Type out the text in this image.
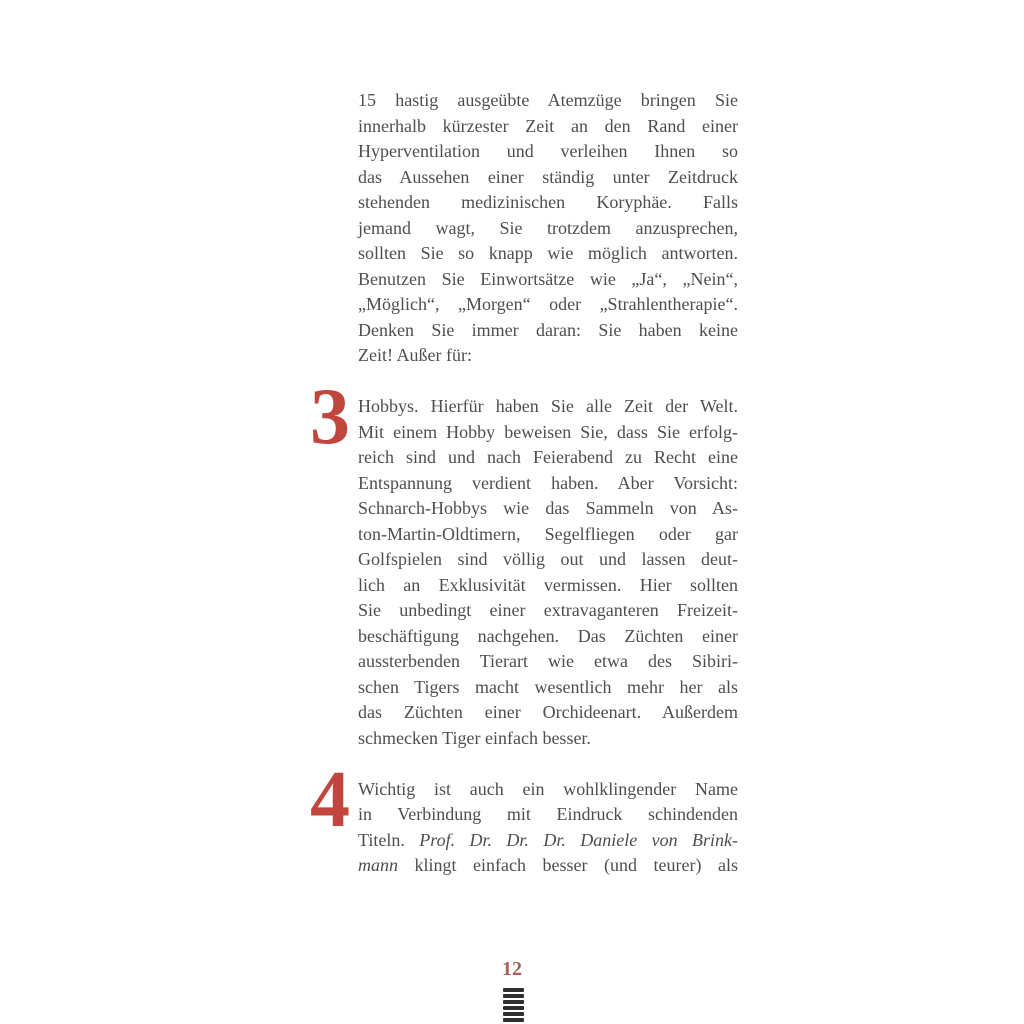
15 hastig ausgeübte Atemzüge bringen Sie
innerhalb kürzester Zeit an den Rand einer
Hyperventilation und verleihen Ihnen so
das Aussehen einer ständig unter Zeitdruck
stehenden medizinischen Koryphäe. Falls
jemand wagt, Sie trotzdem anzusprechen,
sollten Sie so knapp wie möglich antworten.
Benutzen Sie Einwortsätze wie „Ja“, „Nein“,
„Möglich“, „Morgen“ oder „Strahlentherapie“.
Denken Sie immer daran: Sie haben keine
Zeit! Außer für:
3 Hobbys. Hierfür haben Sie alle Zeit der Welt.
Mit einem Hobby beweisen Sie, dass Sie erfolg-
reich sind und nach Feierabend zu Recht eine
Entspannung verdient haben. Aber Vorsicht:
Schnarch-Hobbys wie das Sammeln von As-
ton-Martin-Oldtimern, Segelfliegen oder gar
Golfspielen sind völlig out und lassen deut-
lich an Exklusivität vermissen. Hier sollten
Sie unbedingt einer extravaganteren Freizeit-
beschäftigung nachgehen. Das Züchten einer
aussterbenden Tierart wie etwa des Sibiri-
schen Tigers macht wesentlich mehr her als
das Züchten einer Orchideenart. Außerdem
schmecken Tiger einfach besser.
4 Wichtig ist auch ein wohlklingender Name
in Verbindung mit Eindruck schindenden
Titeln. Prof. Dr. Dr. Dr. Daniele von Brink-
mann klingt einfach besser (und teurer) als
12
